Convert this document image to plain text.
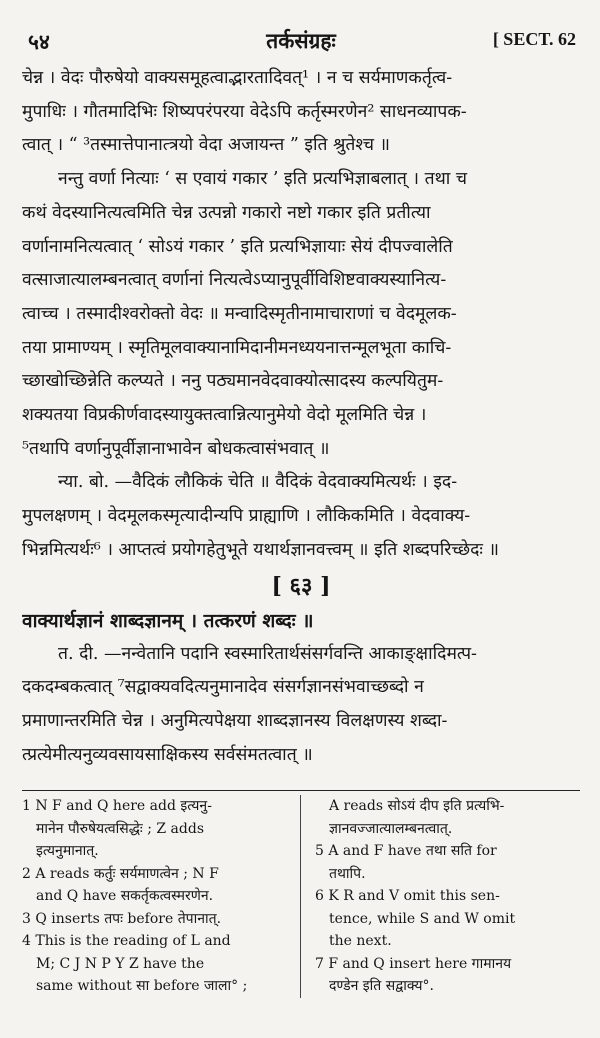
५४	तर्कसंग्रहः	[ SECT. 62
चेन्न । वेदः पौरुषेयो वाक्यसमूहत्वाद्भारतादिवत्¹ । न च सर्यमाणकर्तृत्व-
मुपाधिः । गौतमादिभिः शिष्यपरंपरया वेदेऽपि कर्तृस्मरणेन² साधनव्यापक-
त्वात् । “ ³तस्मात्तेपानात्त्रयो वेदा अजायन्त ” इति श्रुतेश्च ॥
नन्तु वर्णा नित्याः ‘ स एवायं गकार ’ इति प्रत्यभिज्ञाबलात् । तथा च
कथं वेदस्यानित्यत्वमिति चेन्न उत्पन्नो गकारो नष्टो गकार इति प्रतीत्या
वर्णानामनित्यत्वात् ‘ सोऽयं गकार ’ इति प्रत्यभिज्ञायाः सेयं दीपज्वालेति
वत्साजात्यालम्बनत्वात् वर्णानां नित्यत्वेऽप्यानुपूर्वीविशिष्टवाक्यस्यानित्य-
त्वाच्च । तस्मादीश्वरोक्तो वेदः ॥ मन्वादिस्मृतीनामाचाराणां च वेदमूलक-
तया प्रामाण्यम् । स्मृतिमूलवाक्यानामिदानीमनध्ययनात्तन्मूलभूता काचि-
च्छाखोच्छिन्नेति कल्प्यते । ननु पठ्यमानवेदवाक्योत्सादस्य कल्पयितुम-
शक्यतया विप्रकीर्णवादस्यायुक्तत्वान्नित्यानुमेयो वेदो मूलमिति चेन्न ।
⁵तथापि वर्णानुपूर्वीज्ञानाभावेन बोधकत्वासंभवात् ॥
न्या. बो. —वैदिकं लौकिकं चेति ॥ वैदिकं वेदवाक्यमित्यर्थः । इद-
मुपलक्षणम् । वेदमूलकस्मृत्यादीन्यपि प्राह्याणि । लौकिकमिति । वेदवाक्य-
भिन्नमित्यर्थः⁶ । आप्तत्वं प्रयोगहेतुभूते यथार्थज्ञानवत्त्वम् ॥ इति शब्दपरिच्छेदः ॥
[ ६३ ]
वाक्यार्थज्ञानं शाब्दज्ञानम् । तत्करणं शब्दः ॥
त. दी. —नन्वेतानि पदानि स्वस्मारितार्थसंसर्गवन्ति आकाङ्क्षादिमत्प-
दकदम्बकत्वात् ⁷सद्वाक्यवदित्यनुमानादेव संसर्गज्ञानसंभवाच्छब्दो न
प्रमाणान्तरमिति चेन्न । अनुमित्यपेक्षया शाब्दज्ञानस्य विलक्षणस्य शब्दा-
त्प्रत्येमीत्यनुव्यवसायसाक्षिकस्य सर्वसंमतत्वात् ॥
1 N F and Q here add इत्यनु-
मानेन पौरुषेयत्वसिद्धेः ; Z adds
इत्यनुमानात्.
2 A reads कर्तुः सर्यमाणत्वेन ; N F
and Q have सकर्तृकत्वस्मरणेन.
3 Q inserts तपः before तेपानात्.
4 This is the reading of L and
M; C J N P Y Z have the
same without सा before जाला° ;
A reads सोऽयं दीप इति प्रत्यभि-
ज्ञानवज्जात्यालम्बनत्वात्.
5 A and F have तथा सति for
तथापि.
6 K R and V omit this sen-
tence, while S and W omit
the next.
7 F and Q insert here गामानय
दण्डेन इति सद्वाक्य°.
